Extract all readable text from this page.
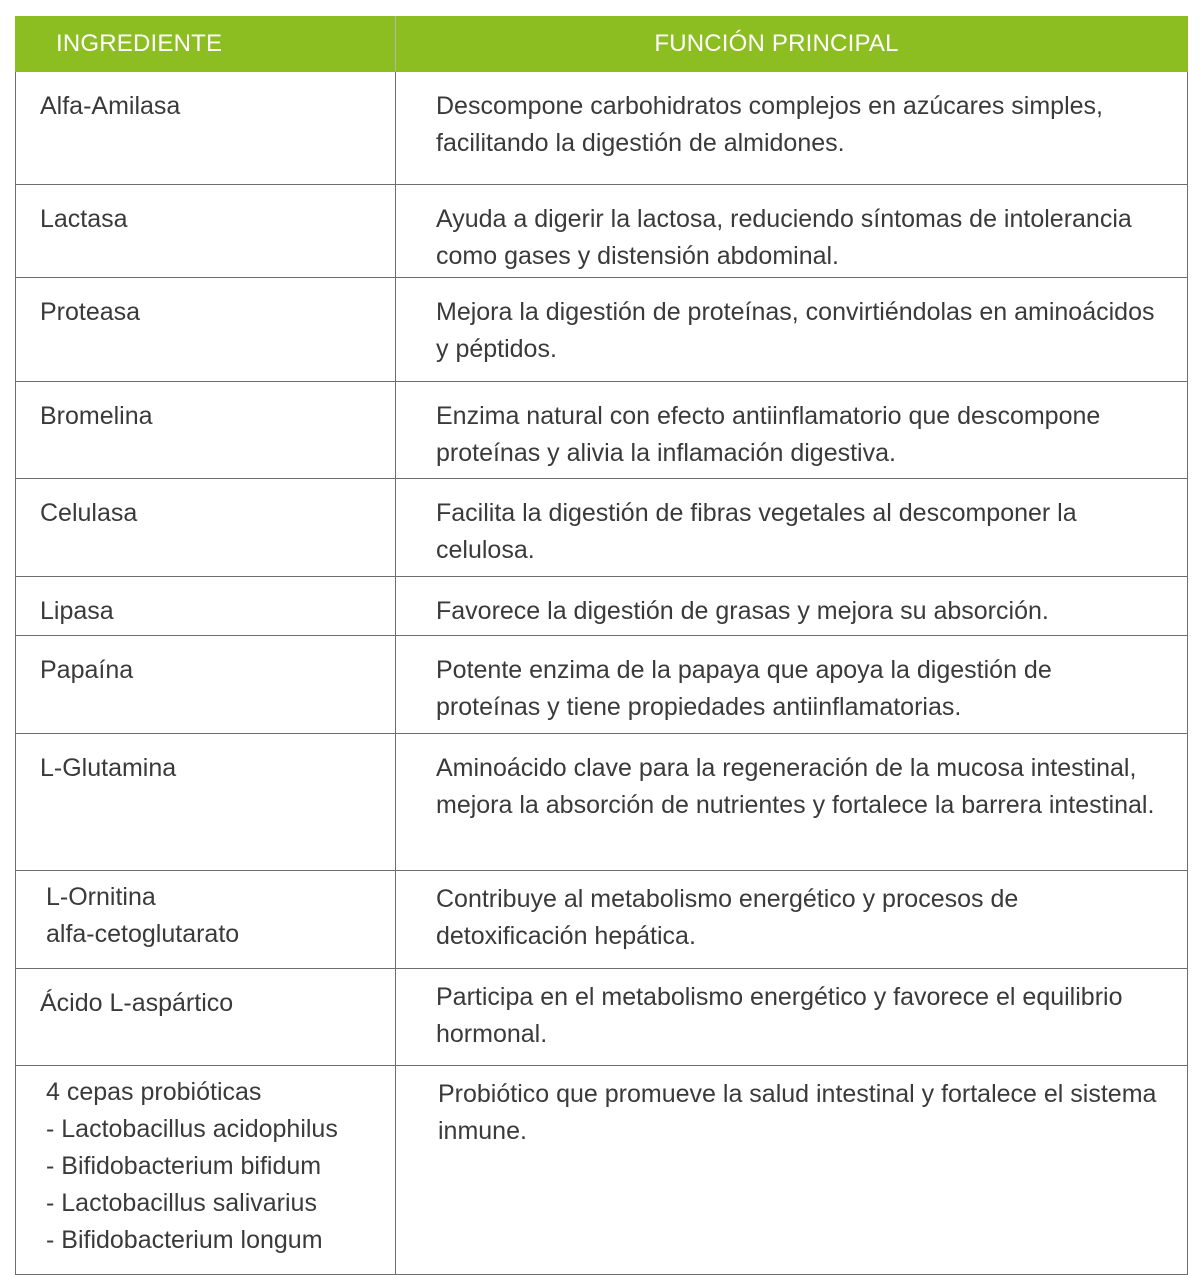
INGREDIENTE	FUNCIÓN PRINCIPAL

Alfa-Amilasa	Descompone carbohidratos complejos en azúcares simples, facilitando la digestión de almidones.

Lactasa	Ayuda a digerir la lactosa, reduciendo síntomas de intolerancia como gases y distensión abdominal.

Proteasa	Mejora la digestión de proteínas, convirtiéndolas en aminoácidos y péptidos.

Bromelina	Enzima natural con efecto antiinflamatorio que descompone proteínas y alivia la inflamación digestiva.

Celulasa	Facilita la digestión de fibras vegetales al descomponer la celulosa.

Lipasa	Favorece la digestión de grasas y mejora su absorción.

Papaína	Potente enzima de la papaya que apoya la digestión de proteínas y tiene propiedades antiinflamatorias.

L-Glutamina	Aminoácido clave para la regeneración de la mucosa intestinal, mejora la absorción de nutrientes y fortalece la barrera intestinal.

L-Ornitina
alfa-cetoglutarato	Contribuye al metabolismo energético y procesos de detoxificación hepática.

Ácido L-aspártico	Participa en el metabolismo energético y favorece el equilibrio hormonal.

4 cepas probióticas
- Lactobacillus acidophilus
- Bifidobacterium bifidum
- Lactobacillus salivarius
- Bifidobacterium longum	Probiótico que promueve la salud intestinal y fortalece el sistema inmune.
